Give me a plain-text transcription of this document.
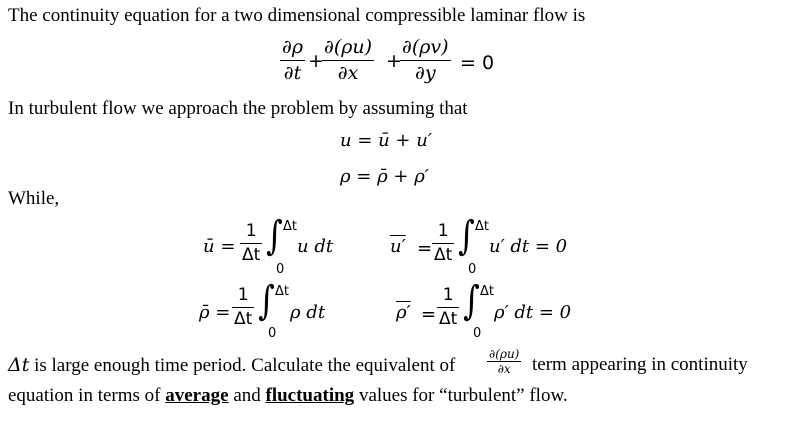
The continuity equation for a two dimensional compressible laminar flow is
∂ρ
∂t
+
∂(ρu)
∂x
+
∂(ρv)
∂y = 0
In turbulent flow we approach the problem by assuming that
u = ū + u′
ρ = ρ̄ + ρ′
While,
ū =
1
Δt ∫ Δt
0
u dt	u′ =
1
Δt ∫ Δt
0
u′ dt = 0
ρ̄ =
1
Δt ∫ Δt
0
ρ dt	ρ′ =
1
Δt ∫ Δt
0
ρ′ dt = 0
Δt is large enough time period. Calculate the equivalent of
∂(ρu)
∂x term appearing in continuity
equation in terms of average and fluctuating values for “turbulent” flow.
